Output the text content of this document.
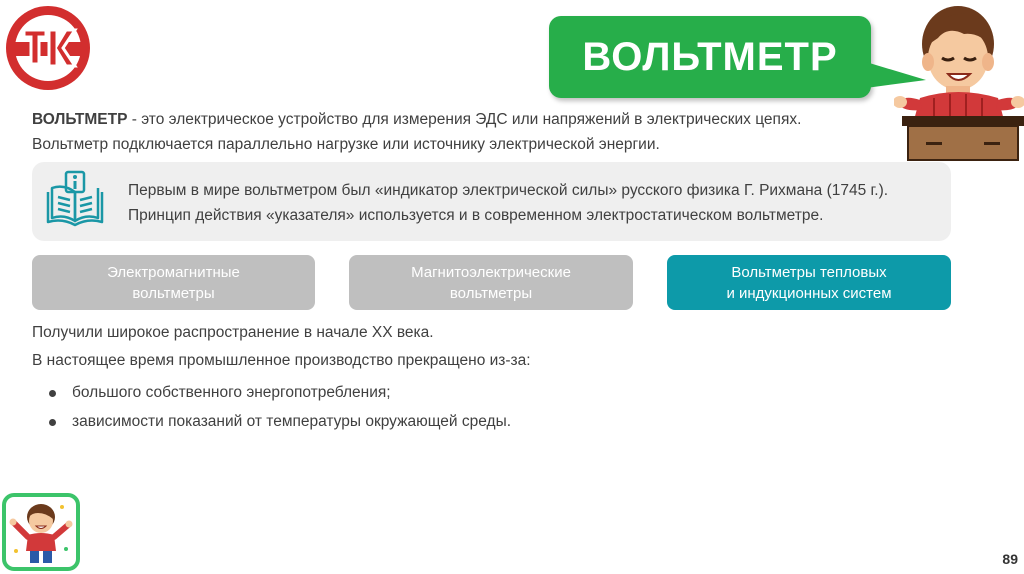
ВОЛЬТМЕТР
ВОЛЬТМЕТР - это электрическое устройство для измерения ЭДС или напряжений в электрических цепях.
Вольтметр подключается параллельно нагрузке или источнику электрической энергии.
Первым в мире вольтметром был «индикатор электрической силы» русского физика Г. Рихмана (1745 г.).
Принцип действия «указателя» используется и в современном электростатическом вольтметре.
Электромагнитные
вольтметры
Магнитоэлектрические
вольтметры
Вольтметры тепловых
и индукционных систем

Получили широкое распространение в начале XX века.

В настоящее время промышленное производство прекращено из-за:

большого собственного энергопотребления;
зависимости показаний от температуры окружающей среды.
89
